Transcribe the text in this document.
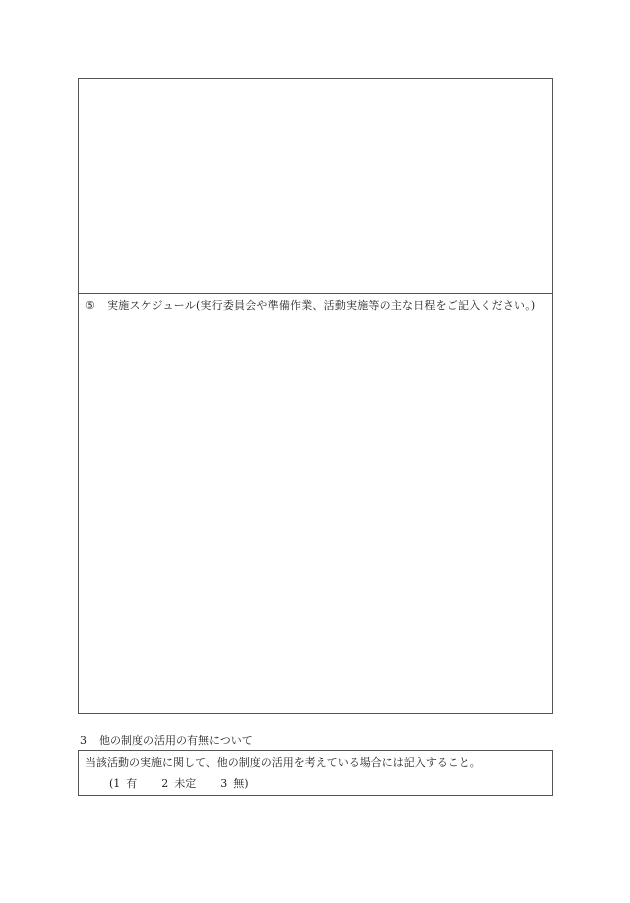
⑤ 実施スケジュール(実行委員会や準備作業、活動実施等の主な日程をご記入ください。)
3 他の制度の活用の有無について
当該活動の実施に関して、他の制度の活用を考えている場合には記入すること。
(1 有 2 未定 3 無)
